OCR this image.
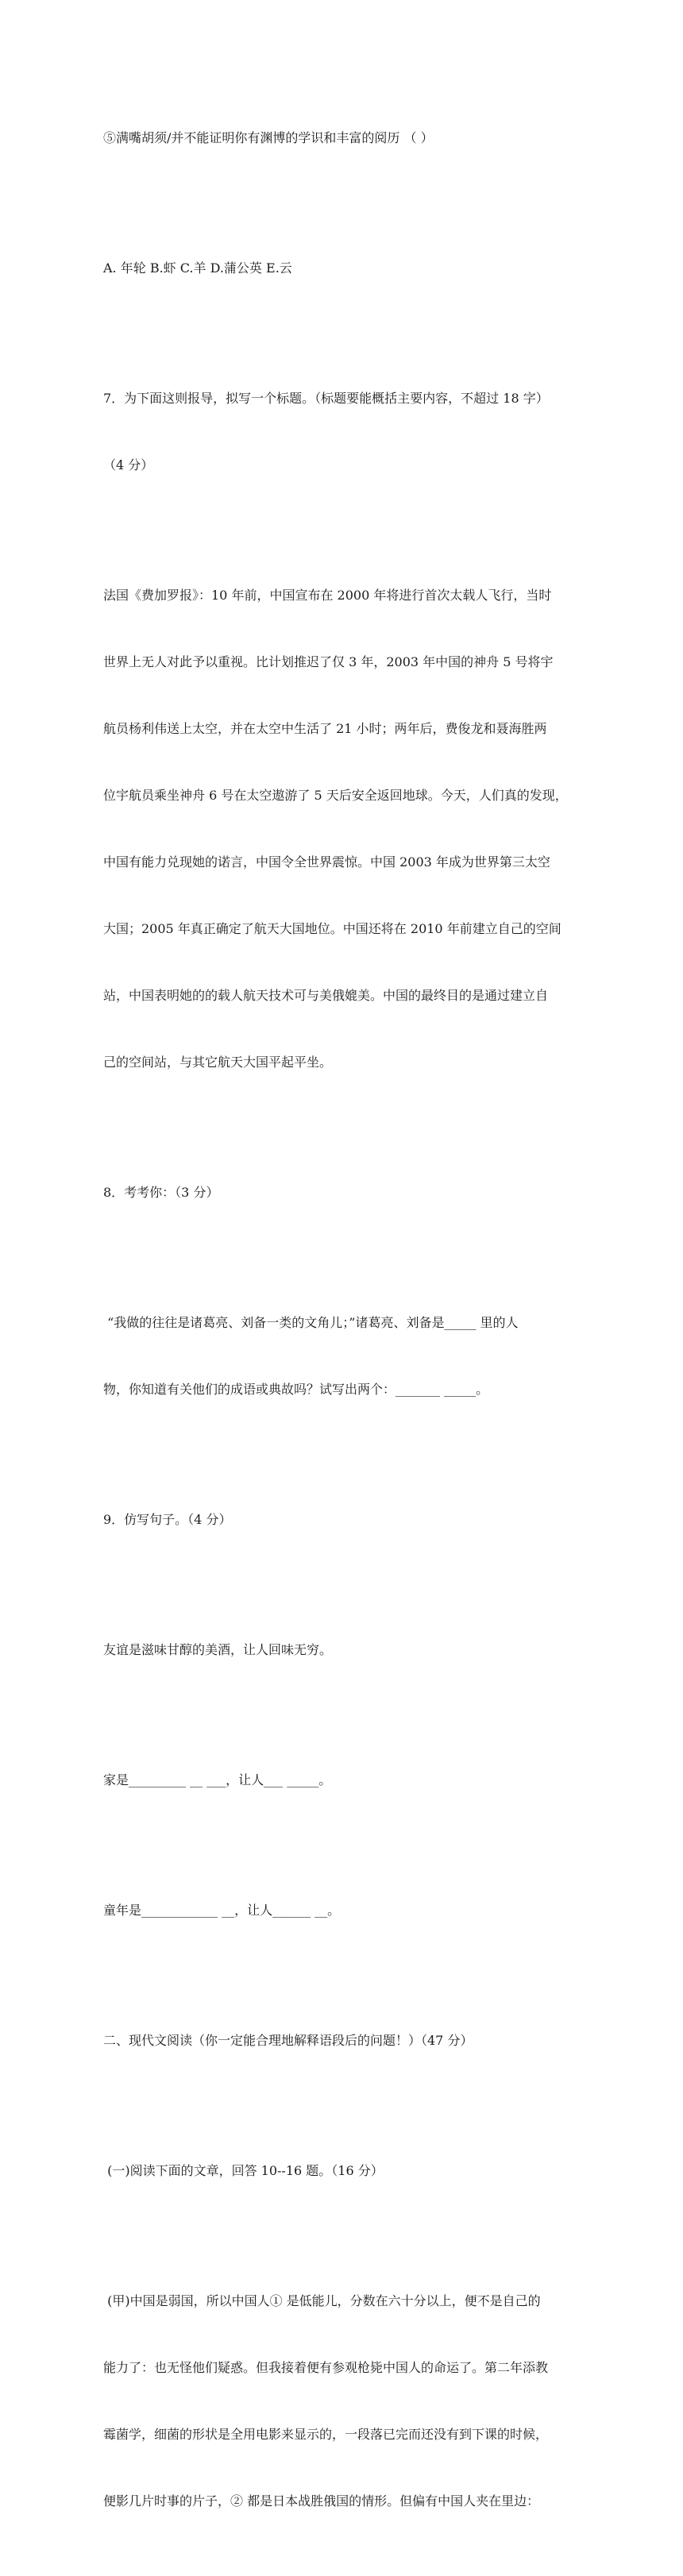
⑤满嘴胡须/并不能证明你有渊博的学识和丰富的阅历 （ ）

A. 年轮 B.虾 C.羊 D.蒲公英 E.云

7．为下面这则报导，拟写一个标题。（标题要能概括主要内容，不超过 18 字）

（4 分）

法国《费加罗报》：10 年前，中国宣布在 2000 年将进行首次太载人飞行，当时

世界上无人对此予以重视。比计划推迟了仅 3 年，2003 年中国的神舟 5 号将宇

航员杨利伟送上太空，并在太空中生活了 21 小时；两年后，费俊龙和聂海胜两

位宇航员乘坐神舟 6 号在太空遨游了 5 天后安全返回地球。今天，人们真的发现，

中国有能力兑现她的诺言，中国令全世界震惊。中国 2003 年成为世界第三太空

大国；2005 年真正确定了航天大国地位。中国还将在 2010 年前建立自己的空间

站，中国表明她的的载人航天技术可与美俄媲美。中国的最终目的是通过建立自

己的空间站，与其它航天大国平起平坐。

8．考考你：（3 分）

“我做的往往是诸葛亮、刘备一类的文角儿；”诸葛亮、刘备是_____ 里的人

物，你知道有关他们的成语或典故吗？试写出两个：_______ _____。

9．仿写句子。（4 分）

友谊是滋味甘醇的美酒，让人回味无穷。

家是_________ __ ___，让人___ _____。

童年是____________ __，让人______ __。

二、现代文阅读（你一定能合理地解释语段后的问题！）（47 分）

(一)阅读下面的文章，回答 10--16 题。（16 分）

(甲)中国是弱国，所以中国人① 是低能儿，分数在六十分以上，便不是自己的

能力了：也无怪他们疑惑。但我接着便有参观枪毙中国人的命运了。第二年添教

霉菌学，细菌的形状是全用电影来显示的，一段落已完而还没有到下课的时候，

便影几片时事的片子，② 都是日本战胜俄国的情形。但偏有中国人夹在里边：
